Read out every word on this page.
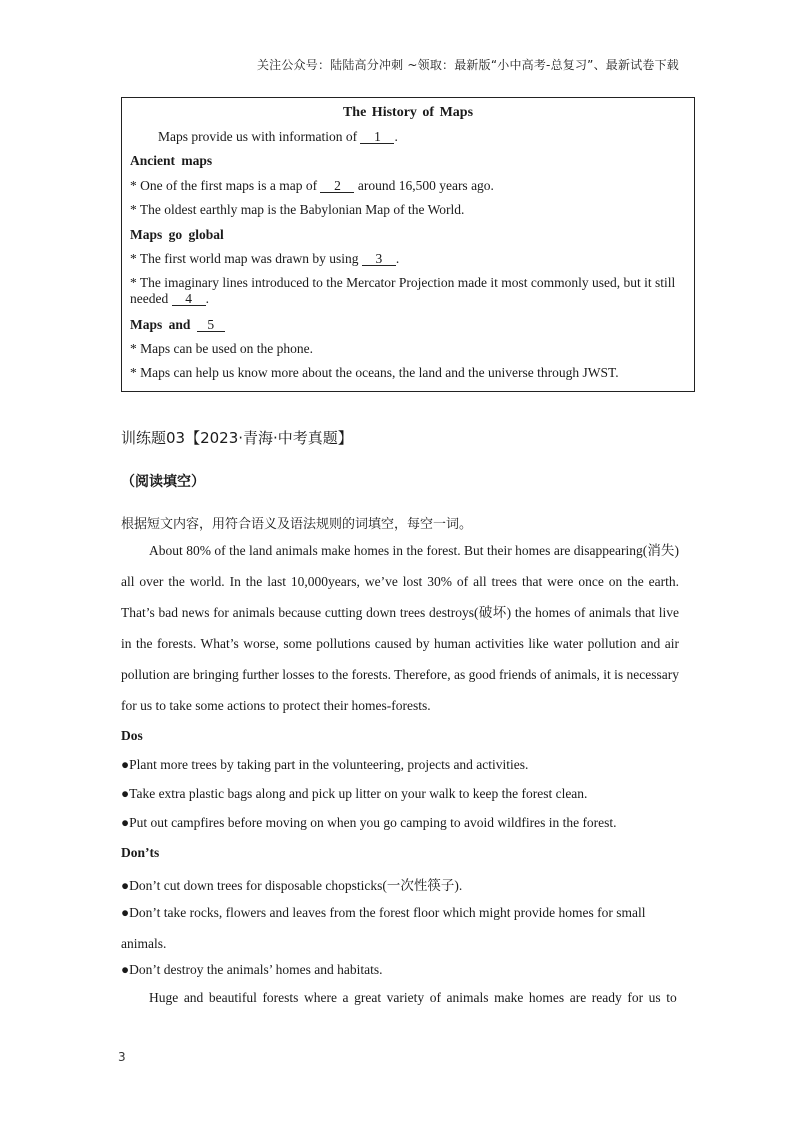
关注公众号：陆陆高分冲刺 ~领取：最新版“小中高考-总复习”、最新试卷下载
The History of Maps
Maps provide us with information of 1 .
Ancient maps
* One of the first maps is a map of 2 around 16,500 years ago.
* The oldest earthly map is the Babylonian Map of the World.
Maps go global
* The first world map was drawn by using 3 .
* The imaginary lines introduced to the Mercator Projection made it most commonly used, but it still needed 4 .
Maps and 5
* Maps can be used on the phone.
* Maps can help us know more about the oceans, the land and the universe through JWST.
训练题03【2023·青海·中考真题】
（阅读填空）
根据短文内容，用符合语义及语法规则的词填空，每空一词。
About 80% of the land animals make homes in the forest. But their homes are disappearing(消失) all over the world. In the last 10,000years, we’ve lost 30% of all trees that were once on the earth. That’s bad news for animals because cutting down trees destroys(破坏) the homes of animals that live in the forests. What’s worse, some pollutions caused by human activities like water pollution and air pollution are bringing further losses to the forests. Therefore, as good friends of animals, it is necessary for us to take some actions to protect their homes-forests.
Dos
●Plant more trees by taking part in the volunteering, projects and activities.
●Take extra plastic bags along and pick up litter on your walk to keep the forest clean.
●Put out campfires before moving on when you go camping to avoid wildfires in the forest.
Don’ts
●Don’t cut down trees for disposable chopsticks(一次性筷子).
●Don’t take rocks, flowers and leaves from the forest floor which might provide homes for small animals.
●Don’t destroy the animals’ homes and habitats.
Huge and beautiful forests where a great variety of animals make homes are ready for us to
3
